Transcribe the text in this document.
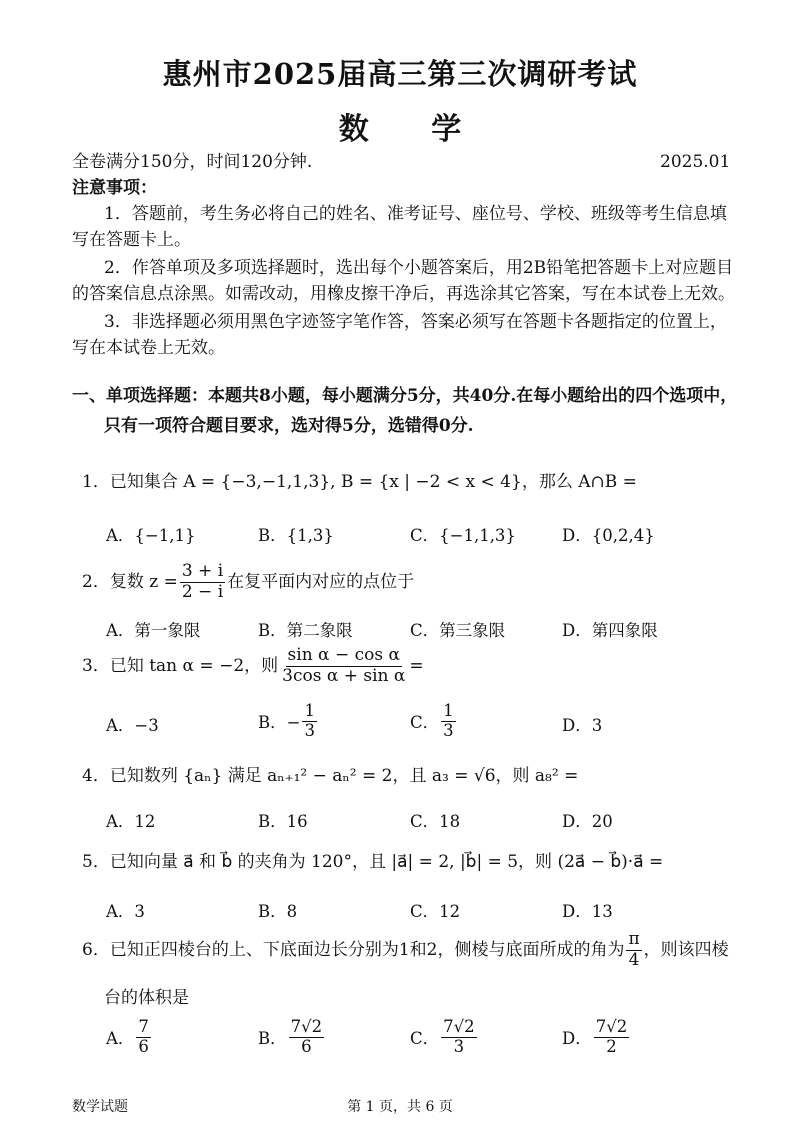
惠州市2025届高三第三次调研考试
数 学
全卷满分150分，时间120分钟.	2025.01
注意事项：
1．答题前，考生务必将自己的姓名、准考证号、座位号、学校、班级等考生信息填
写在答题卡上。
2．作答单项及多项选择题时，选出每个小题答案后，用2B铅笔把答题卡上对应题目
的答案信息点涂黑。如需改动，用橡皮擦干净后，再选涂其它答案，写在本试卷上无效。
3．非选择题必须用黑色字迹签字笔作答，答案必须写在答题卡各题指定的位置上，
写在本试卷上无效。
一、单项选择题：本题共8小题，每小题满分5分，共40分.在每小题给出的四个选项中，
只有一项符合题目要求，选对得5分，选错得0分.
1．已知集合 A = {−3,−1,1,3}, B = {x | −2 < x < 4}，那么 A∩B =
A．{−1,1}	B．{1,3}	C．{−1,1,3}	D．{0,2,4}
2．复数 $z = \frac{3 + i}{2 - i}$ 在复平面内对应的点位于
A．第一象限	B．第二象限	C．第三象限	D．第四象限
3．已知 tan α = −2，则 $\frac{\text{sin α − cos α}}{\text{3cos α + sin α}}$ =
A．−3	B．− $\frac{1}{3}$	C． $\frac{1}{3}$	D．3
4．已知数列 {aₙ} 满足 aₙ₊₁² − aₙ² = 2，且 a₃ = √6，则 a₈² =
A．12	B．16	C．18	D．20
5．已知向量 a⃗ 和 b⃗ 的夹角为 120°，且 |a⃗| = 2, |b⃗| = 5，则 (2a⃗ − b⃗)·a⃗ =
A．3	B．8	C．12	D．13
6．已知正四棱台的上、下底面边长分别为1和2，侧棱与底面所成的角为 $\frac{\pi}{4}$ ，则该四棱
台的体积是
A． $\frac{7}{6}$	B． $\frac{7√2}{6}$	C． $\frac{7√2}{3}$	D． $\frac{7√2}{2}$
数学试题	第 1 页，共 6 页
